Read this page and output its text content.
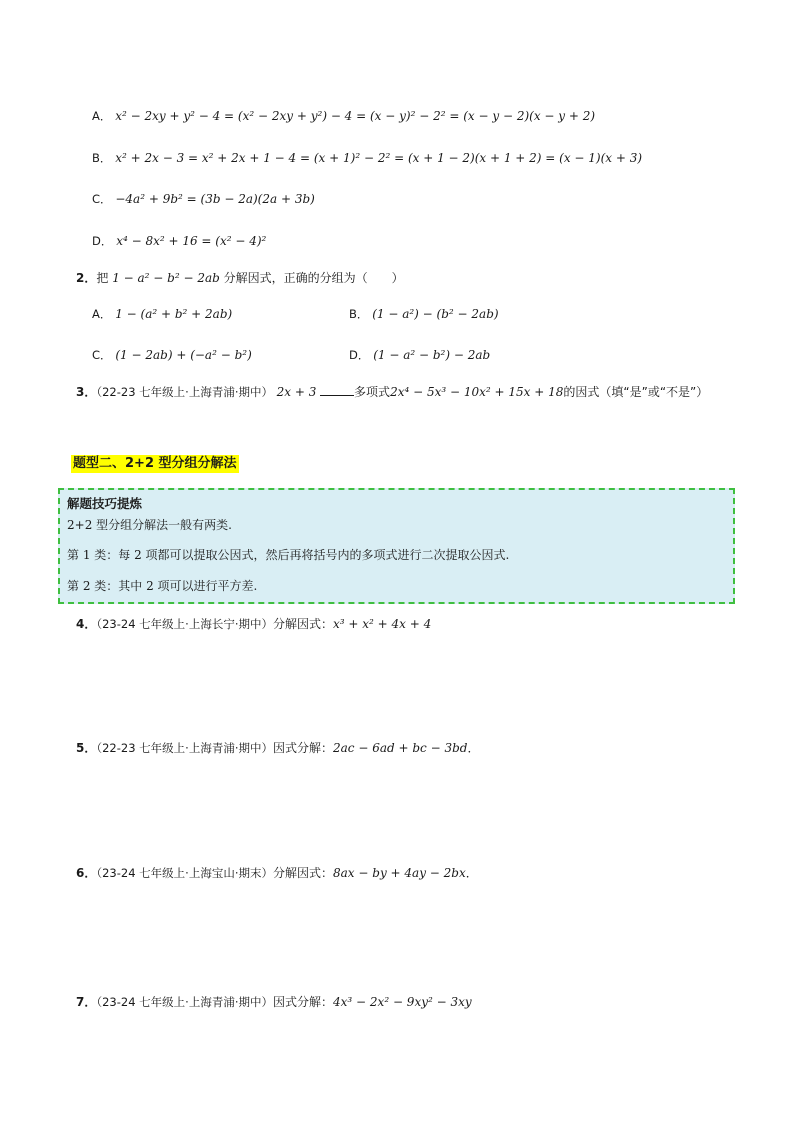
A． x² − 2xy + y² − 4 = (x² − 2xy + y²) − 4 = (x − y)² − 2² = (x − y − 2)(x − y + 2)
B． x² + 2x − 3 = x² + 2x + 1 − 4 = (x + 1)² − 2² = (x + 1 − 2)(x + 1 + 2) = (x − 1)(x + 3)
C． −4a² + 9b² = (3b − 2a)(2a + 3b)
D． x⁴ − 8x² + 16 = (x² − 4)²
2．把 1 − a² − b² − 2ab 分解因式，正确的分组为（　　）
A． 1 − (a² + b² + 2ab)	B． (1 − a²) − (b² − 2ab)
C． (1 − 2ab) + (−a² − b²)	D． (1 − a² − b²) − 2ab
3．（22-23 七年级上·上海青浦·期中） 2x + 3	多项式2x⁴ − 5x³ − 10x² + 15x + 18的因式（填“是”或“不是”）
题型二、2+2 型分组分解法
解题技巧提炼
2+2 型分组分解法一般有两类.
第 1 类：每 2 项都可以提取公因式，然后再将括号内的多项式进行二次提取公因式.
第 2 类：其中 2 项可以进行平方差.
4．（23-24 七年级上·上海长宁·期中）分解因式：x³ + x² + 4x + 4
5．（22-23 七年级上·上海青浦·期中）因式分解：2ac − 6ad + bc − 3bd．
6．（23-24 七年级上·上海宝山·期末）分解因式：8ax − by + 4ay − 2bx．
7．（23-24 七年级上·上海青浦·期中）因式分解：4x³ − 2x² − 9xy² − 3xy
